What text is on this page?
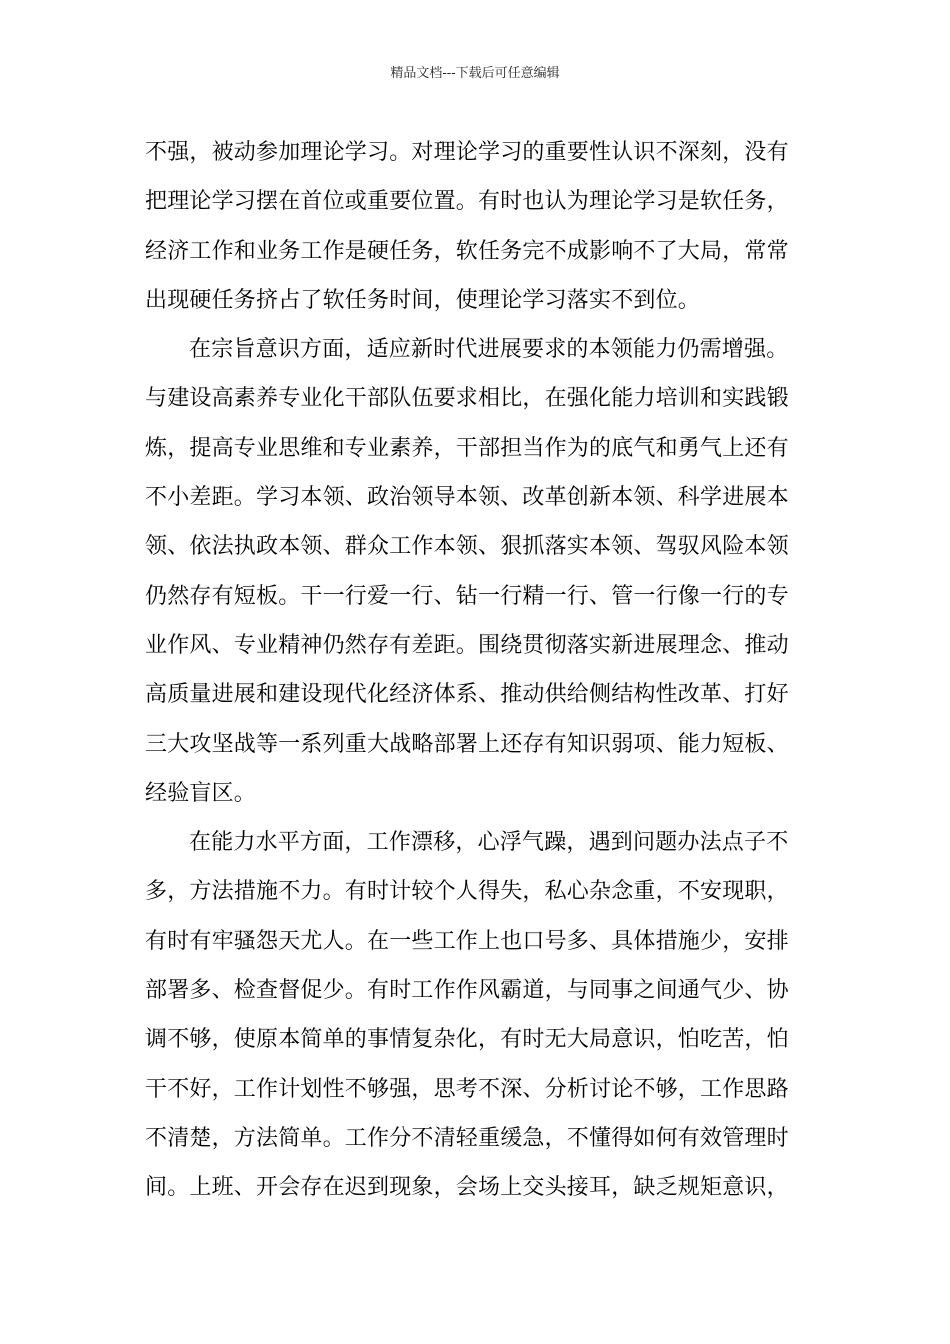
精品文档---下载后可任意编辑
不强，被动参加理论学习。对理论学习的重要性认识不深刻，没有
把理论学习摆在首位或重要位置。有时也认为理论学习是软任务，
经济工作和业务工作是硬任务，软任务完不成影响不了大局，常常
出现硬任务挤占了软任务时间，使理论学习落实不到位。
在宗旨意识方面，适应新时代进展要求的本领能力仍需增强。
与建设高素养专业化干部队伍要求相比，在强化能力培训和实践锻
炼，提高专业思维和专业素养，干部担当作为的底气和勇气上还有
不小差距。学习本领、政治领导本领、改革创新本领、科学进展本
领、依法执政本领、群众工作本领、狠抓落实本领、驾驭风险本领
仍然存有短板。干一行爱一行、钻一行精一行、管一行像一行的专
业作风、专业精神仍然存有差距。围绕贯彻落实新进展理念、推动
高质量进展和建设现代化经济体系、推动供给侧结构性改革、打好
三大攻坚战等一系列重大战略部署上还存有知识弱项、能力短板、
经验盲区。
在能力水平方面，工作漂移，心浮气躁，遇到问题办法点子不
多，方法措施不力。有时计较个人得失，私心杂念重，不安现职，
有时有牢骚怨天尤人。在一些工作上也口号多、具体措施少，安排
部署多、检查督促少。有时工作作风霸道，与同事之间通气少、协
调不够，使原本简单的事情复杂化，有时无大局意识，怕吃苦，怕
干不好，工作计划性不够强，思考不深、分析讨论不够，工作思路
不清楚，方法简单。工作分不清轻重缓急，不懂得如何有效管理时
间。上班、开会存在迟到现象，会场上交头接耳，缺乏规矩意识，
